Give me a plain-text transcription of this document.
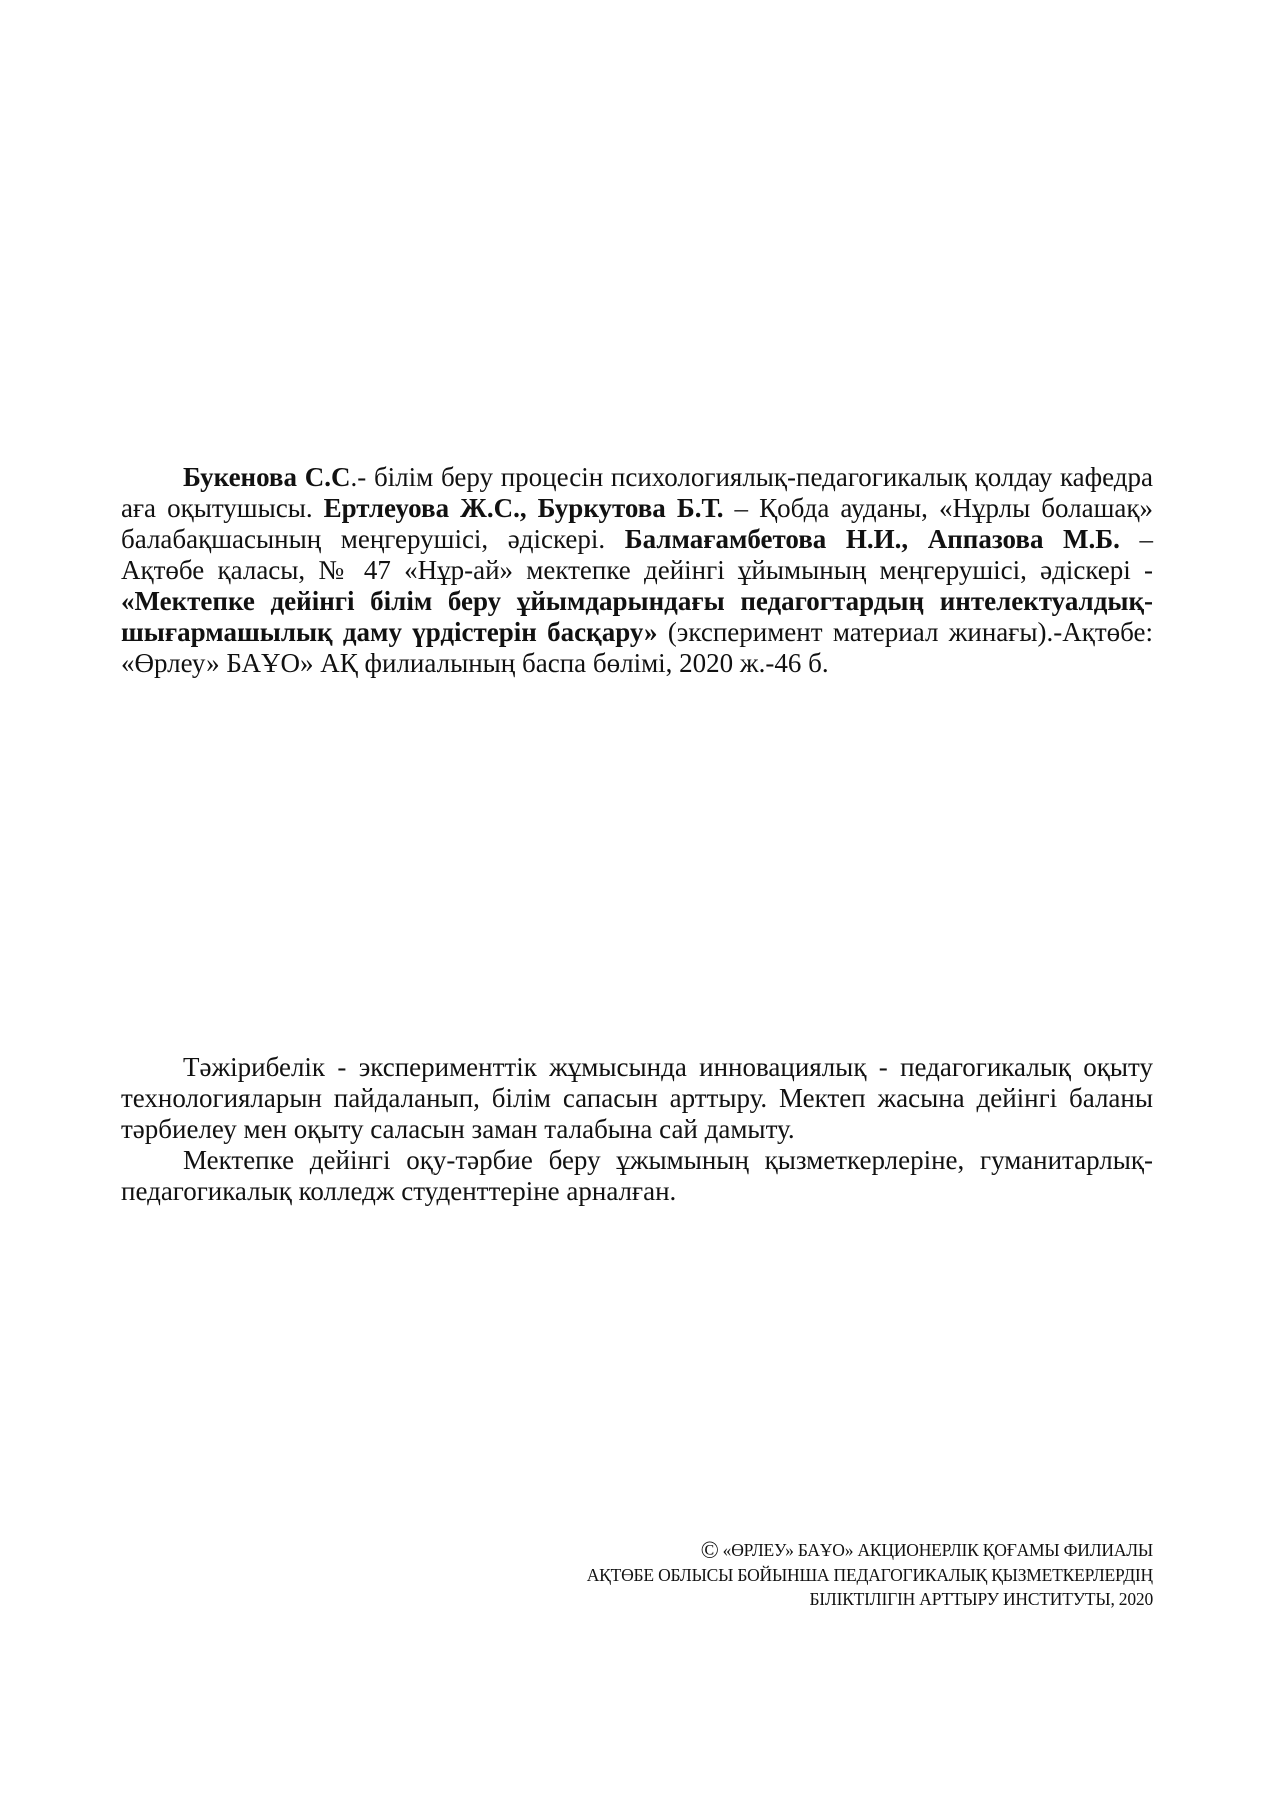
Букенова С.С.- білім беру процесін психологиялық-педагогикалық қолдау кафедра аға оқытушысы. Ертлеуова Ж.С., Буркутова Б.Т. – Қобда ауданы, «Нұрлы болашақ» балабақшасының меңгерушісі, әдіскері. Балмағамбетова Н.И., Аппазова М.Б. – Ақтөбе қаласы, № 47 «Нұр-ай» мектепке дейінгі ұйымының меңгерушісі, әдіскері - «Мектепке дейінгі білім беру ұйымдарындағы педагогтардың интелектуалдық-шығармашылық даму үрдістерін басқару» (эксперимент материал жинағы).-Ақтөбе: «Өрлеу» БАҰО» АҚ филиалының баспа бөлімі, 2020 ж.-46 б.

Тәжірибелік - эксперименттік жұмысында инновациялық - педагогикалық оқыту технологияларын пайдаланып, білім сапасын арттыру. Мектеп жасына дейінгі баланы тәрбиелеу мен оқыту саласын заман талабына сай дамыту.

Мектепке дейінгі оқу-тәрбие беру ұжымының қызметкерлеріне, гуманитарлық-педагогикалық колледж студенттеріне арналған.

© «ӨРЛЕУ» БАҰО» АКЦИОНЕРЛІК ҚОҒАМЫ ФИЛИАЛЫ
АҚТӨБЕ ОБЛЫСЫ БОЙЫНША ПЕДАГОГИКАЛЫҚ ҚЫЗМЕТКЕРЛЕРДІҢ
БІЛІКТІЛІГІН АРТТЫРУ ИНСТИТУТЫ, 2020
